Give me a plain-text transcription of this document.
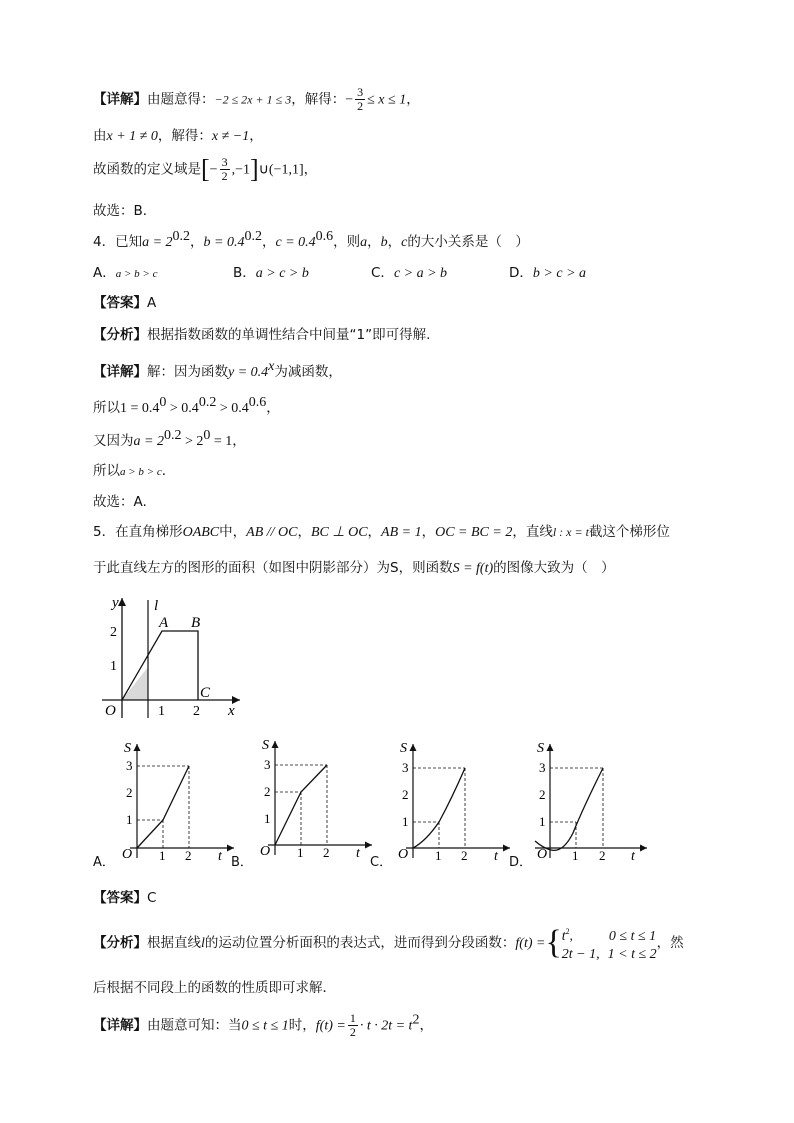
【详解】由题意得：−2 ≤ 2x + 1 ≤ 3，解得：− $\frac{3}{2} \le x \le 1$，
由x + 1 ≠ 0，解得：x ≠ −1，
故函数的定义域是[− $\frac{3}{2}$ ,−1]∪(−1,1]，
故选：B．
4．已知$a = 2^{0.2}$，$b = 0.4^{0.2}$，$c = 0.4^{0.6}$，则a，b，c的大小关系是（　）
A．a > b > c	B．a > c > b	C．c > a > b	D．b > c > a
【答案】A
【分析】根据指数函数的单调性结合中间量“1”即可得解.
【详解】解：因为函数$y = 0.4^x$为减函数，
所以$1 = 0.4^0 > 0.4^{0.2} > 0.4^{0.6}$，
又因为$a = 2^{0.2} > 2^0 = 1$，
所以a > b > c.
故选：A.
5．在直角梯形OABC中，AB // OC，BC ⊥ OC，AB = 1，OC = BC = 2，直线l : x = t截这个梯形位
于此直线左方的图形的面积（如图中阴影部分）为S，则函数S = f(t)的图像大致为（　）
y l
A B
C
O	x
1 2
1
2
S
3
2
1
O 1 2 t
A．
S
3
2
1
O 1 2 t
B．
S
3
2
1
O 1 2 t
C．
S
3
2
1
O 1 2 t
D．
【答案】C
【分析】根据直线l的运动位置分析面积的表达式，进而得到分段函数：f(t) ={ $t^2$,	0 ≤ t ≤ 1
2t − 1, 1 < t ≤ 2
，然
后根据不同段上的函数的性质即可求解．
【详解】由题意可知：当0 ≤ t ≤ 1时，$f(t) = \frac{1}{2} \cdot t \cdot 2t = t^2$，
